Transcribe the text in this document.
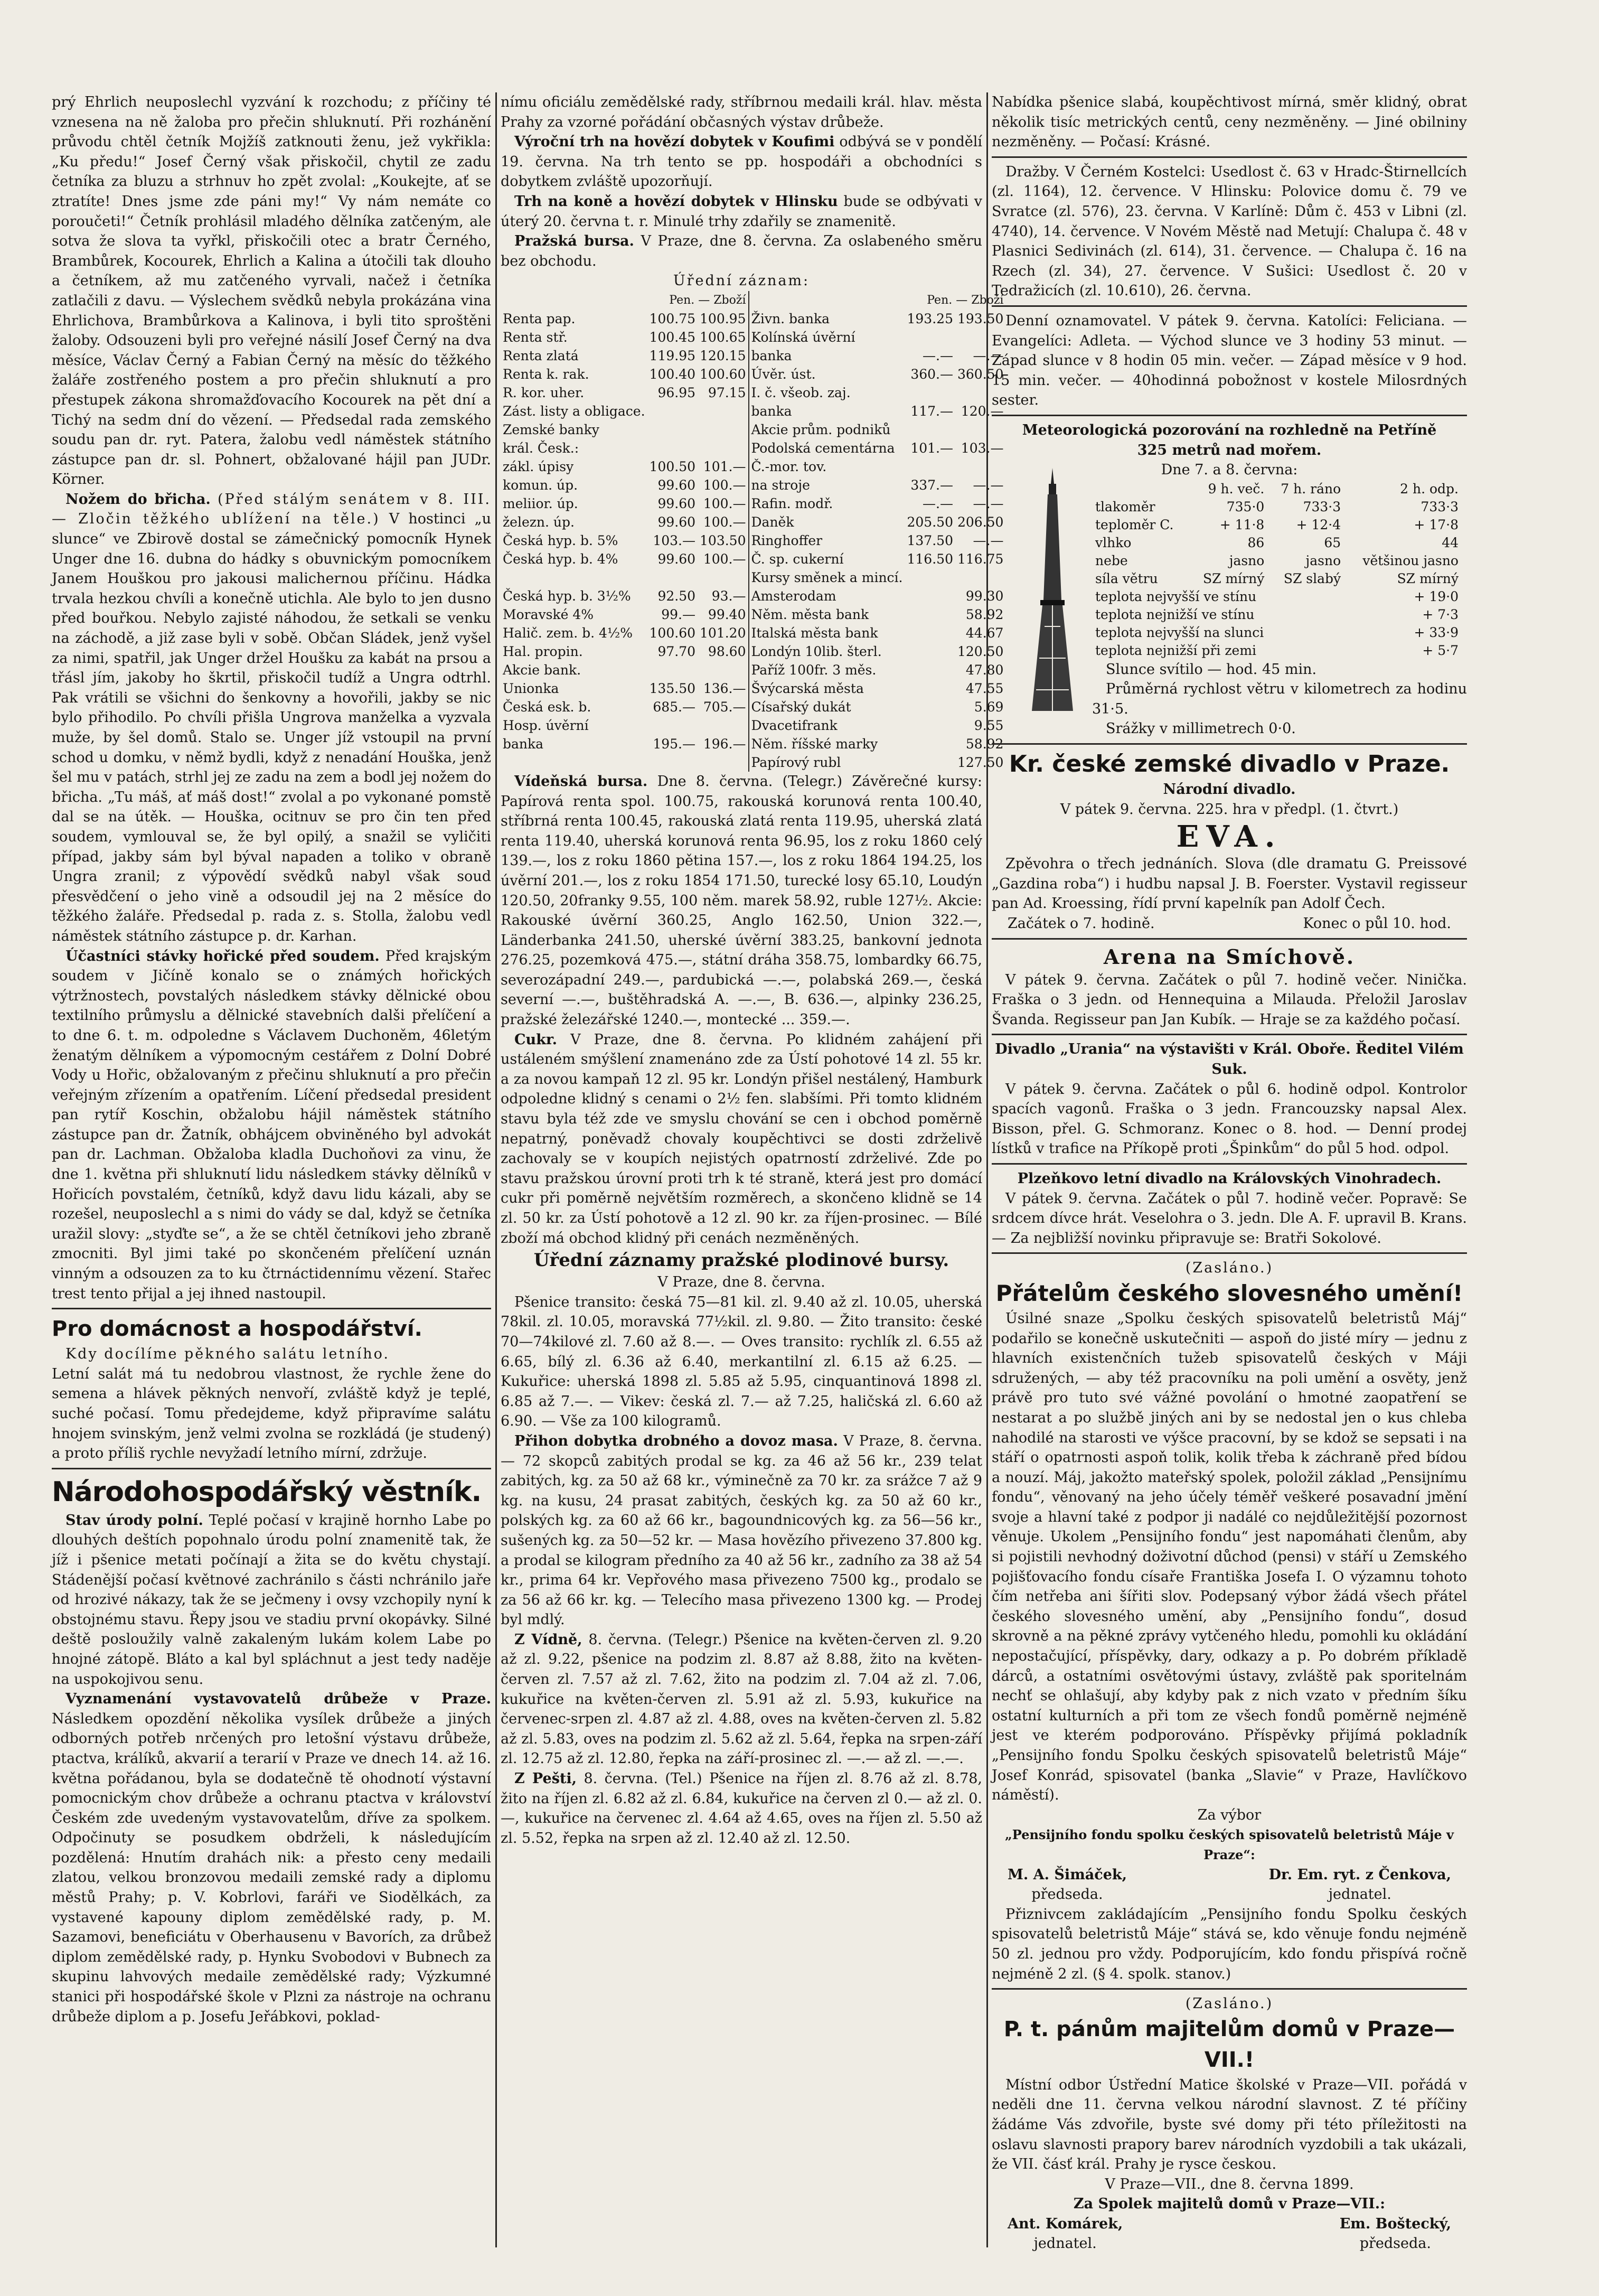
prý Ehrlich neuposlechl vyzvání k rozchodu; z příčiny té vznesena na ně žaloba pro přečin shluknutí. Při rozhánění průvodu chtěl četník Mojžíš zatknouti ženu, jež vykřikla: „Ku předu!“ Josef Černý však přiskočil, chytil ze zadu četníka za bluzu a strhnuv ho zpět zvolal: „Koukejte, ať se ztratíte! Dnes jsme zde páni my!“ Vy nám nemáte co poroučeti!“ Četník prohlásil mladého dělníka zatčeným, ale sotva že slova ta vyřkl, přiskočili otec a bratr Černého, Brambůrek, Kocourek, Ehrlich a Kalina a útočili tak dlouho a četníkem, až mu zatčeného vyrvali, načež i četníka zatlačili z davu. — Výslechem svědků nebyla prokázána vina Ehrlichova, Brambůrkova a Kalinova, i byli tito sproštěni žaloby. Odsouzeni byli pro veřejné násilí Josef Černý na dva měsíce, Václav Černý a Fabian Černý na měsíc do těžkého žaláře zostřeného postem a pro přečin shluknutí a pro přestupek zákona shromažďovacího Kocourek na pět dní a Tichý na sedm dní do vězení. — Předsedal rada zemského soudu pan dr. ryt. Patera, žalobu vedl náměstek státního zástupce pan dr. sl. Pohnert, obžalované hájil pan JUDr. Körner.

Nožem do břicha. (Před stálým senátem v 8. III. — Zločin těžkého ublížení na těle.) V hostinci „u slunce“ ve Zbirově dostal se zámečnický pomocník Hynek Unger dne 16. dubna do hádky s obuvnickým pomocníkem Janem Houškou pro jakousi malichernou příčinu. Hádka trvala hezkou chvíli a konečně utichla. Ale bylo to jen dusno před bouřkou. Nebylo zajisté náhodou, že setkali se venku na záchodě, a již zase byli v sobě. Občan Sládek, jenž vyšel za nimi, spatřil, jak Unger držel Houšku za kabát na prsou a třásl jím, jakoby ho škrtil, přiskočil tudíž a Ungra odtrhl. Pak vrátili se všichni do šenkovny a hovořili, jakby se nic bylo přihodilo. Po chvíli přišla Ungrova manželka a vyzvala muže, by šel domů. Stalo se. Unger jíž vstoupil na první schod u domku, v němž bydli, když z nenadání Houška, jenž šel mu v patách, strhl jej ze zadu na zem a bodl jej nožem do břicha. „Tu máš, ať máš dost!“ zvolal a po vykonané pomstě dal se na útěk. — Houška, ocitnuv se pro čin ten před soudem, vymlouval se, že byl opilý, a snažil se vyličiti případ, jakby sám byl býval napaden a toliko v obraně Ungra zranil; z výpovědí svědků nabyl však soud přesvědčení o jeho vině a odsoudil jej na 2 měsíce do těžkého žaláře. Předsedal p. rada z. s. Stolla, žalobu vedl náměstek státního zástupce p. dr. Karhan.

Účastníci stávky hořické před soudem. Před krajským soudem v Jičíně konalo se o známých hořických výtržnostech, povstalých následkem stávky dělnické obou textilního průmyslu a dělnické stavebních dalši přelíčení a to dne 6. t. m. odpoledne s Václavem Duchoněm, 46letým ženatým dělníkem a výpomocným cestářem z Dolní Dobré Vody u Hořic, obžalovaným z přečinu shluknutí a pro přečin veřejným zřízením a opatřením. Líčení předsedal president pan rytíř Koschin, obžalobu hájil náměstek státního zástupce pan dr. Žatník, obhájcem obviněného byl advokát pan dr. Lachman. Obžaloba kladla Duchoňovi za vinu, že dne 1. května při shluknutí lidu následkem stávky dělníků v Hořicích povstalém, četníků, když davu lidu kázali, aby se rozešel, neuposlechl a s nimi do vády se dal, když se četníka uražil slovy: „styďte se“, a že se chtěl četníkovi jeho zbraně zmocniti. Byl jimi také po skončeném přelíčení uznán vinným a odsouzen za to ku čtrnáctidennímu vězení. Stařec trest tento přijal a jej ihned nastoupil.

Pro domácnost a hospodářství.

Kdy docílíme pěkného salátu letního.

Letní salát má tu nedobrou vlastnost, že rychle žene do semena a hlávek pěkných nenvoří, zvláště když je teplé, suché počasí. Tomu předejdeme, když připravíme salátu hnojem svinským, jenž velmi zvolna se rozkládá (je studený) a proto příliš rychle nevyžadí letního mírní, zdržuje.

Národohospodářský věstník.

Stav úrody polní. Teplé počasí v krajině hornho Labe po dlouhých deštích popohnalo úrodu polní znamenitě tak, že jíž i pšenice metati počínají a žita se do květu chystají. Stádenější počasí květnové zachránilo s části nchránilo jaře od hrozivé nákazy, tak že se ječmeny i ovsy vzchopily nyní k obstojnému stavu. Řepy jsou ve stadiu první okopávky. Silné deště posloužily valně zakaleným lukám kolem Labe po hnojné zátopě. Bláto a kal byl spláchnut a jest tedy naděje na uspokojivou senu.

Vyznamenání vystavovatelů drůbeže v Praze. Následkem opozdění několika vysílek drůbeže a jiných odborných potřeb nrčených pro letošní výstavu drůbeže, ptactva, králíků, akvarií a terarií v Praze ve dnech 14. až 16. května pořádanou, byla se dodatečně tě ohodnotí výstavní pomocnickým chov drůbeže a ochranu ptactva v království Českém zde uvedeným vystavovatelům, dříve za spolkem. Odpočinuty se posudkem obdrželi, k následujícím pozdělená: Hnutím drahách nik: a přesto ceny medaili zlatou, velkou bronzovou medaili zemské rady a diplomu městů Prahy; p. V. Kobrlovi, faráři ve Siodělkách, za vystavené kapouny diplom zemědělské rady, p. M. Sazamovi, beneficiátu v Oberhausenu v Bavorích, za drůbež diplom zemědělské rady, p. Hynku Svobodovi v Bubnech za skupinu lahvových medaile zemědělské rady; Výzkumné stanici při hospodářské škole v Plzni za nástroje na ochranu drůbeže diplom a p. Josefu Jeřábkovi, poklad-

nímu oficiálu zemědělské rady, stříbrnou medaili král. hlav. města Prahy za vzorné pořádání občasných výstav drůbeže.

Výroční trh na hovězí dobytek v Koufimi odbývá se v pondělí 19. června. Na trh tento se pp. hospodáři a obchodníci s dobytkem zvláště upozorňují.

Trh na koně a hovězí dobytek v Hlinsku bude se odbývati v úterý 20. června t. r. Minulé trhy zdařily se znamenitě.

Pražská bursa. V Praze, dne 8. června. Za oslabeného směru bez obchodu.

Úřední záznam:

	Pen. — Zboží			Pen. — Zboží	
Renta pap.	100.75	100.95	Živn. banka	193.25	193.50
Renta stř.	100.45	100.65	Kolínská úvěrní		
Renta zlatá	119.95	120.15	banka	—.—	—.—
Renta k. rak.	100.40	100.60	Úvěr. úst.	360.—	360.50
R. kor. uher.	96.95	97.15	I. č. všeob. zaj.		
Zást. listy a obligace.			banka	117.—	120.—
Zemské banky			Akcie prům. podniků		
král. Česk.:			Podolská cementárna	101.—	103.—
zákl. úpisy	100.50	101.—	Č.-mor. tov.		
komun. úp.	99.60	100.—	na stroje	337.—	—.—
meliior. úp.	99.60	100.—	Rafin. modř.	—.—	—.—
železn. úp.	99.60	100.—	Daněk	205.50	206.50
Česká hyp. b. 5%	103.—	103.50	Ringhoffer	137.50	—.—
Česká hyp. b. 4%	99.60	100.—	Č. sp. cukerní	116.50	116.75
			Kursy směnek a mincí.		
Česká hyp. b. 3½%	92.50	93.—	Amsterodam		99.30
Moravské 4%	99.—	99.40	Něm. města bank		58.92
Halič. zem. b. 4½%	100.60	101.20	Italská města bank		44.67
Hal. propin.	97.70	98.60	Londýn 10lib. šterl.		120.50
Akcie bank.			Paříž 100fr. 3 měs.		47.80
Unionka	135.50	136.—	Švýcarská města		47.55
Česká esk. b.	685.—	705.—	Císařský dukát		5.69
Hosp. úvěrní			Dvacetifrank		9.55
banka	195.—	196.—	Něm. říšské marky		58.92
			Papírový rubl		127.50

Vídeňská bursa. Dne 8. června. (Telegr.) Závěrečné kursy: Papírová renta spol. 100.75, rakouská korunová renta 100.40, stříbrná renta 100.45, rakouská zlatá renta 119.95, uherská zlatá renta 119.40, uherská korunová renta 96.95, los z roku 1860 celý 139.—, los z roku 1860 pětina 157.—, los z roku 1864 194.25, los úvěrní 201.—, los z roku 1854 171.50, turecké losy 65.10, Loudýn 120.50, 20franky 9.55, 100 něm. marek 58.92, ruble 127½. Akcie: Rakouské úvěrní 360.25, Anglo 162.50, Union 322.—, Länderbanka 241.50, uherské úvěrní 383.25, bankovní jednota 276.25, pozemková 475.—, státní dráha 358.75, lombardky 66.75, severozápadní 249.—, pardubická —.—, polabská 269.—, česká severní —.—, buštěhradská A. —.—, B. 636.—, alpinky 236.25, pražské železářské 1240.—, montecké ... 359.—.

Cukr. V Praze, dne 8. června. Po klidném zahájení při ustáleném smýšlení znamenáno zde za Ústí pohotové 14 zl. 55 kr. a za novou kampaň 12 zl. 95 kr. Londýn přišel nestálený, Hamburk odpoledne klidný s cenami o 2½ fen. slabšími. Při tomto klidném stavu byla též zde ve smyslu chování se cen i obchod poměrně nepatrný, poněvadž chovaly koupěchtivci se dosti zdrželivě zachovaly se v koupích nejistých opatrností zdrželivé. Zde po stavu pražskou úrovní proti trh k té straně, která jest pro domácí cukr při poměrně největším rozměrech, a skončeno klidně se 14 zl. 50 kr. za Ústí pohotově a 12 zl. 90 kr. za říjen-prosinec. — Bílé zboží má obchod klidný při cenách nezměněných.

Úřední záznamy pražské plodinové bursy.

V Praze, dne 8. června.

Pšenice transito: česká 75—81 kil. zl. 9.40 až zl. 10.05, uherská 78kil. zl. 10.05, moravská 77½kil. zl. 9.80. — Žito transito: české 70—74kilové zl. 7.60 až 8.—. — Oves transito: rychlík zl. 6.55 až 6.65, bílý zl. 6.36 až 6.40, merkantilní zl. 6.15 až 6.25. — Kukuřice: uherská 1898 zl. 5.85 až 5.95, cinquantinová 1898 zl. 6.85 až 7.—. — Vikev: česká zl. 7.— až 7.25, haličská zl. 6.60 až 6.90. — Vše za 100 kilogramů.

Přihon dobytka drobného a dovoz masa. V Praze, 8. června. — 72 skopců zabitých prodal se kg. za 46 až 56 kr., 239 telat zabitých, kg. za 50 až 68 kr., výminečně za 70 kr. za srážce 7 až 9 kg. na kusu, 24 prasat zabitých, českých kg. za 50 až 60 kr., polských kg. za 60 až 66 kr., bagoundnicových kg. za 56—56 kr., sušených kg. za 50—52 kr. — Masa hovězího přivezeno 37.800 kg. a prodal se kilogram předního za 40 až 56 kr., zadního za 38 až 54 kr., prima 64 kr. Vepřového masa přivezeno 7500 kg., prodalo se za 56 až 66 kr. kg. — Telecího masa přivezeno 1300 kg. — Prodej byl mdlý.

Z Vídně, 8. června. (Telegr.) Pšenice na květen-červen zl. 9.20 až zl. 9.22, pšenice na podzim zl. 8.87 až 8.88, žito na květen-červen zl. 7.57 až zl. 7.62, žito na podzim zl. 7.04 až zl. 7.06, kukuřice na květen-červen zl. 5.91 až zl. 5.93, kukuřice na červenec-srpen zl. 4.87 až zl. 4.88, oves na květen-červen zl. 5.82 až zl. 5.83, oves na podzim zl. 5.62 až zl. 5.64, řepka na srpen-září zl. 12.75 až zl. 12.80, řepka na září-prosinec zl. —.— až zl. —.—.

Z Pešti, 8. června. (Tel.) Pšenice na říjen zl. 8.76 až zl. 8.78, žito na říjen zl. 6.82 až zl. 6.84, kukuřice na červen zl 0.— až zl. 0.—, kukuřice na červenec zl. 4.64 až 4.65, oves na říjen zl. 5.50 až zl. 5.52, řepka na srpen až zl. 12.40 až zl. 12.50.

Nabídka pšenice slabá, koupěchtivost mírná, směr klidný, obrat několik tisíc metrických centů, ceny nezměněny. — Jiné obilniny nezměněny. — Počasí: Krásné.

Dražby. V Černém Kostelci: Usedlost č. 63 v Hradc-Štirnellcích (zl. 1164), 12. července. V Hlinsku: Polovice domu č. 79 ve Svratce (zl. 576), 23. června. V Karlíně: Dům č. 453 v Libni (zl. 4740), 14. července. V Novém Městě nad Metují: Chalupa č. 48 v Plasnici Sedivinách (zl. 614), 31. července. — Chalupa č. 16 na Rzech (zl. 34), 27. července. V Sušici: Usedlost č. 20 v Tedražicích (zl. 10.610), 26. června.

Denní oznamovatel. V pátek 9. června. Katolíci: Feliciana. — Evangelíci: Adleta. — Východ slunce ve 3 hodiny 53 minut. — Západ slunce v 8 hodin 05 min. večer. — Západ měsíce v 9 hod. 15 min. večer. — 40hodinná pobožnost v kostele Milosrdných sester.

Meteorologická pozorování na rozhledně na Petříně

325 metrů nad mořem.

Dne 7. a 8. června:

	9 h. več.	7 h. ráno	2 h. odp.
tlakoměr	735·0	733·3	733·3
teploměr C.	+ 11·8	+ 12·4	+ 17·8
vlhko	86	65	44
nebe	jasno	jasno	většinou jasno
síla větru	SZ mírný	SZ slabý	SZ mírný
teplota nejvyšší ve stínu			+ 19·0
teplota nejnižší ve stínu			+ 7·3
teplota nejvyšší na slunci			+ 33·9
teplota nejnižší při zemi			+ 5·7

Slunce svítilo — hod. 45 min.

Průměrná rychlost větru v kilometrech za hodinu 31·5.

Srážky v millimetrech 0·0.

Kr. české zemské divadlo v Praze.

Národní divadlo.

V pátek 9. června. 225. hra v předpl. (1. čtvrt.)

EVA.

Zpěvohra o třech jednáních. Slova (dle dramatu G. Preissové „Gazdina roba“) i hudbu napsal J. B. Foerster. Vystavil regisseur pan Ad. Kroessing, řídí první kapelník pan Adolf Čech.

Začátek o 7. hodině.	Konec o půl 10. hod.

Arena na Smíchově.

V pátek 9. června. Začátek o půl 7. hodině večer. Ninička. Fraška o 3 jedn. od Hennequina a Milauda. Přeložil Jaroslav Švanda. Regisseur pan Jan Kubík. — Hraje se za každého počasí.

Divadlo „Urania“ na výstavišti v Král. Oboře. Ředitel Vilém Suk.

V pátek 9. června. Začátek o půl 6. hodině odpol. Kontrolor spacích vagonů. Fraška o 3 jedn. Francouzsky napsal Alex. Bisson, přel. G. Schmoranz. Konec o 8. hod. — Denní prodej lístků v trafice na Příkopě proti „Špinkům“ do půl 5 hod. odpol.

Plzeňkovo letní divadlo na Královských Vinohradech.

V pátek 9. června. Začátek o půl 7. hodině večer. Popravě: Se srdcem dívce hrát. Veselohra o 3. jedn. Dle A. F. upravil B. Krans. — Za nejbližší novinku připravuje se: Bratři Sokolové.

(Zasláno.)

Přátelům českého slovesného umění!

Úsilné snaze „Spolku českých spisovatelů beletristů Máj“ podařilo se konečně uskutečniti — aspoň do jisté míry — jednu z hlavních existenčních tužeb spisovatelů českých v Máji sdružených, — aby též pracovníku na poli umění a osvěty, jenž právě pro tuto své vážné povolání o hmotné zaopatření se nestarat a po službě jiných ani by se nedostal jen o kus chleba nahodilé na starosti ve výšce pracovní, by se kdož se sepsati i na stáří o opatrnosti aspoň tolik, kolik třeba k záchraně před bídou a nouzí. Máj, jakožto mateřský spolek, položil základ „Pensijnímu fondu“, věnovaný na jeho účely téměř veškeré posavadní jmění svoje a hlavní také z podpor ji nadálé co nejdůležitější pozornost věnuje. Ukolem „Pensijního fondu“ jest napomáhati členům, aby si pojistili nevhodný doživotní důchod (pensi) v stáří u Zemského pojišťovacího fondu císaře Františka Josefa I. O výzamnu tohoto čím netřeba ani šířiti slov. Podepsaný výbor žádá všech přátel českého slovesného umění, aby „Pensijního fondu“, dosud skrovně a na pěkné zprávy vytčeného hledu, pomohli ku okládání nepostačující, příspěvky, dary, odkazy a p. Po dobrém příkladě dárců, a ostatními osvětovými ústavy, zvláště pak sporitelnám nechť se ohlašují, aby kdyby pak z nich vzato v předním šíku ostatní kulturních a při tom ze všech fondů poměrně nejméně jest ve kterém podporováno. Příspěvky přijímá pokladník „Pensijního fondu Spolku českých spisovatelů beletristů Máje“ Josef Konrád, spisovatel (banka „Slavie“ v Praze, Havlíčkovo náměstí).

Za výbor

„Pensijního fondu spolku českých spisovatelů beletristů Máje v Praze“:

M. A. Šimáček,
předseda.
Dr. Em. ryt. z Čenkova,
jednatel.

Přiznivcem zakládajícím „Pensijního fondu Spolku českých spisovatelů beletristů Máje“ stává se, kdo věnuje fondu nejméně 50 zl. jednou pro vždy. Podporujícím, kdo fondu přispívá ročně nejméně 2 zl. (§ 4. spolk. stanov.)

(Zasláno.)

P. t. pánům majitelům domů v Praze—VII.!

Místní odbor Ústřední Matice školské v Praze—VII. pořádá v neděli dne 11. června velkou národní slavnost. Z té příčiny žádáme Vás zdvořile, byste své domy při této příležitosti na oslavu slavnosti prapory barev národních vyzdobili a tak ukázali, že VII. čásť král. Prahy je rysce českou.

V Praze—VII., dne 8. června 1899.

Za Spolek majitelů domů v Praze—VII.:

Ant. Komárek,
jednatel.
Em. Boštecký,
předseda.
